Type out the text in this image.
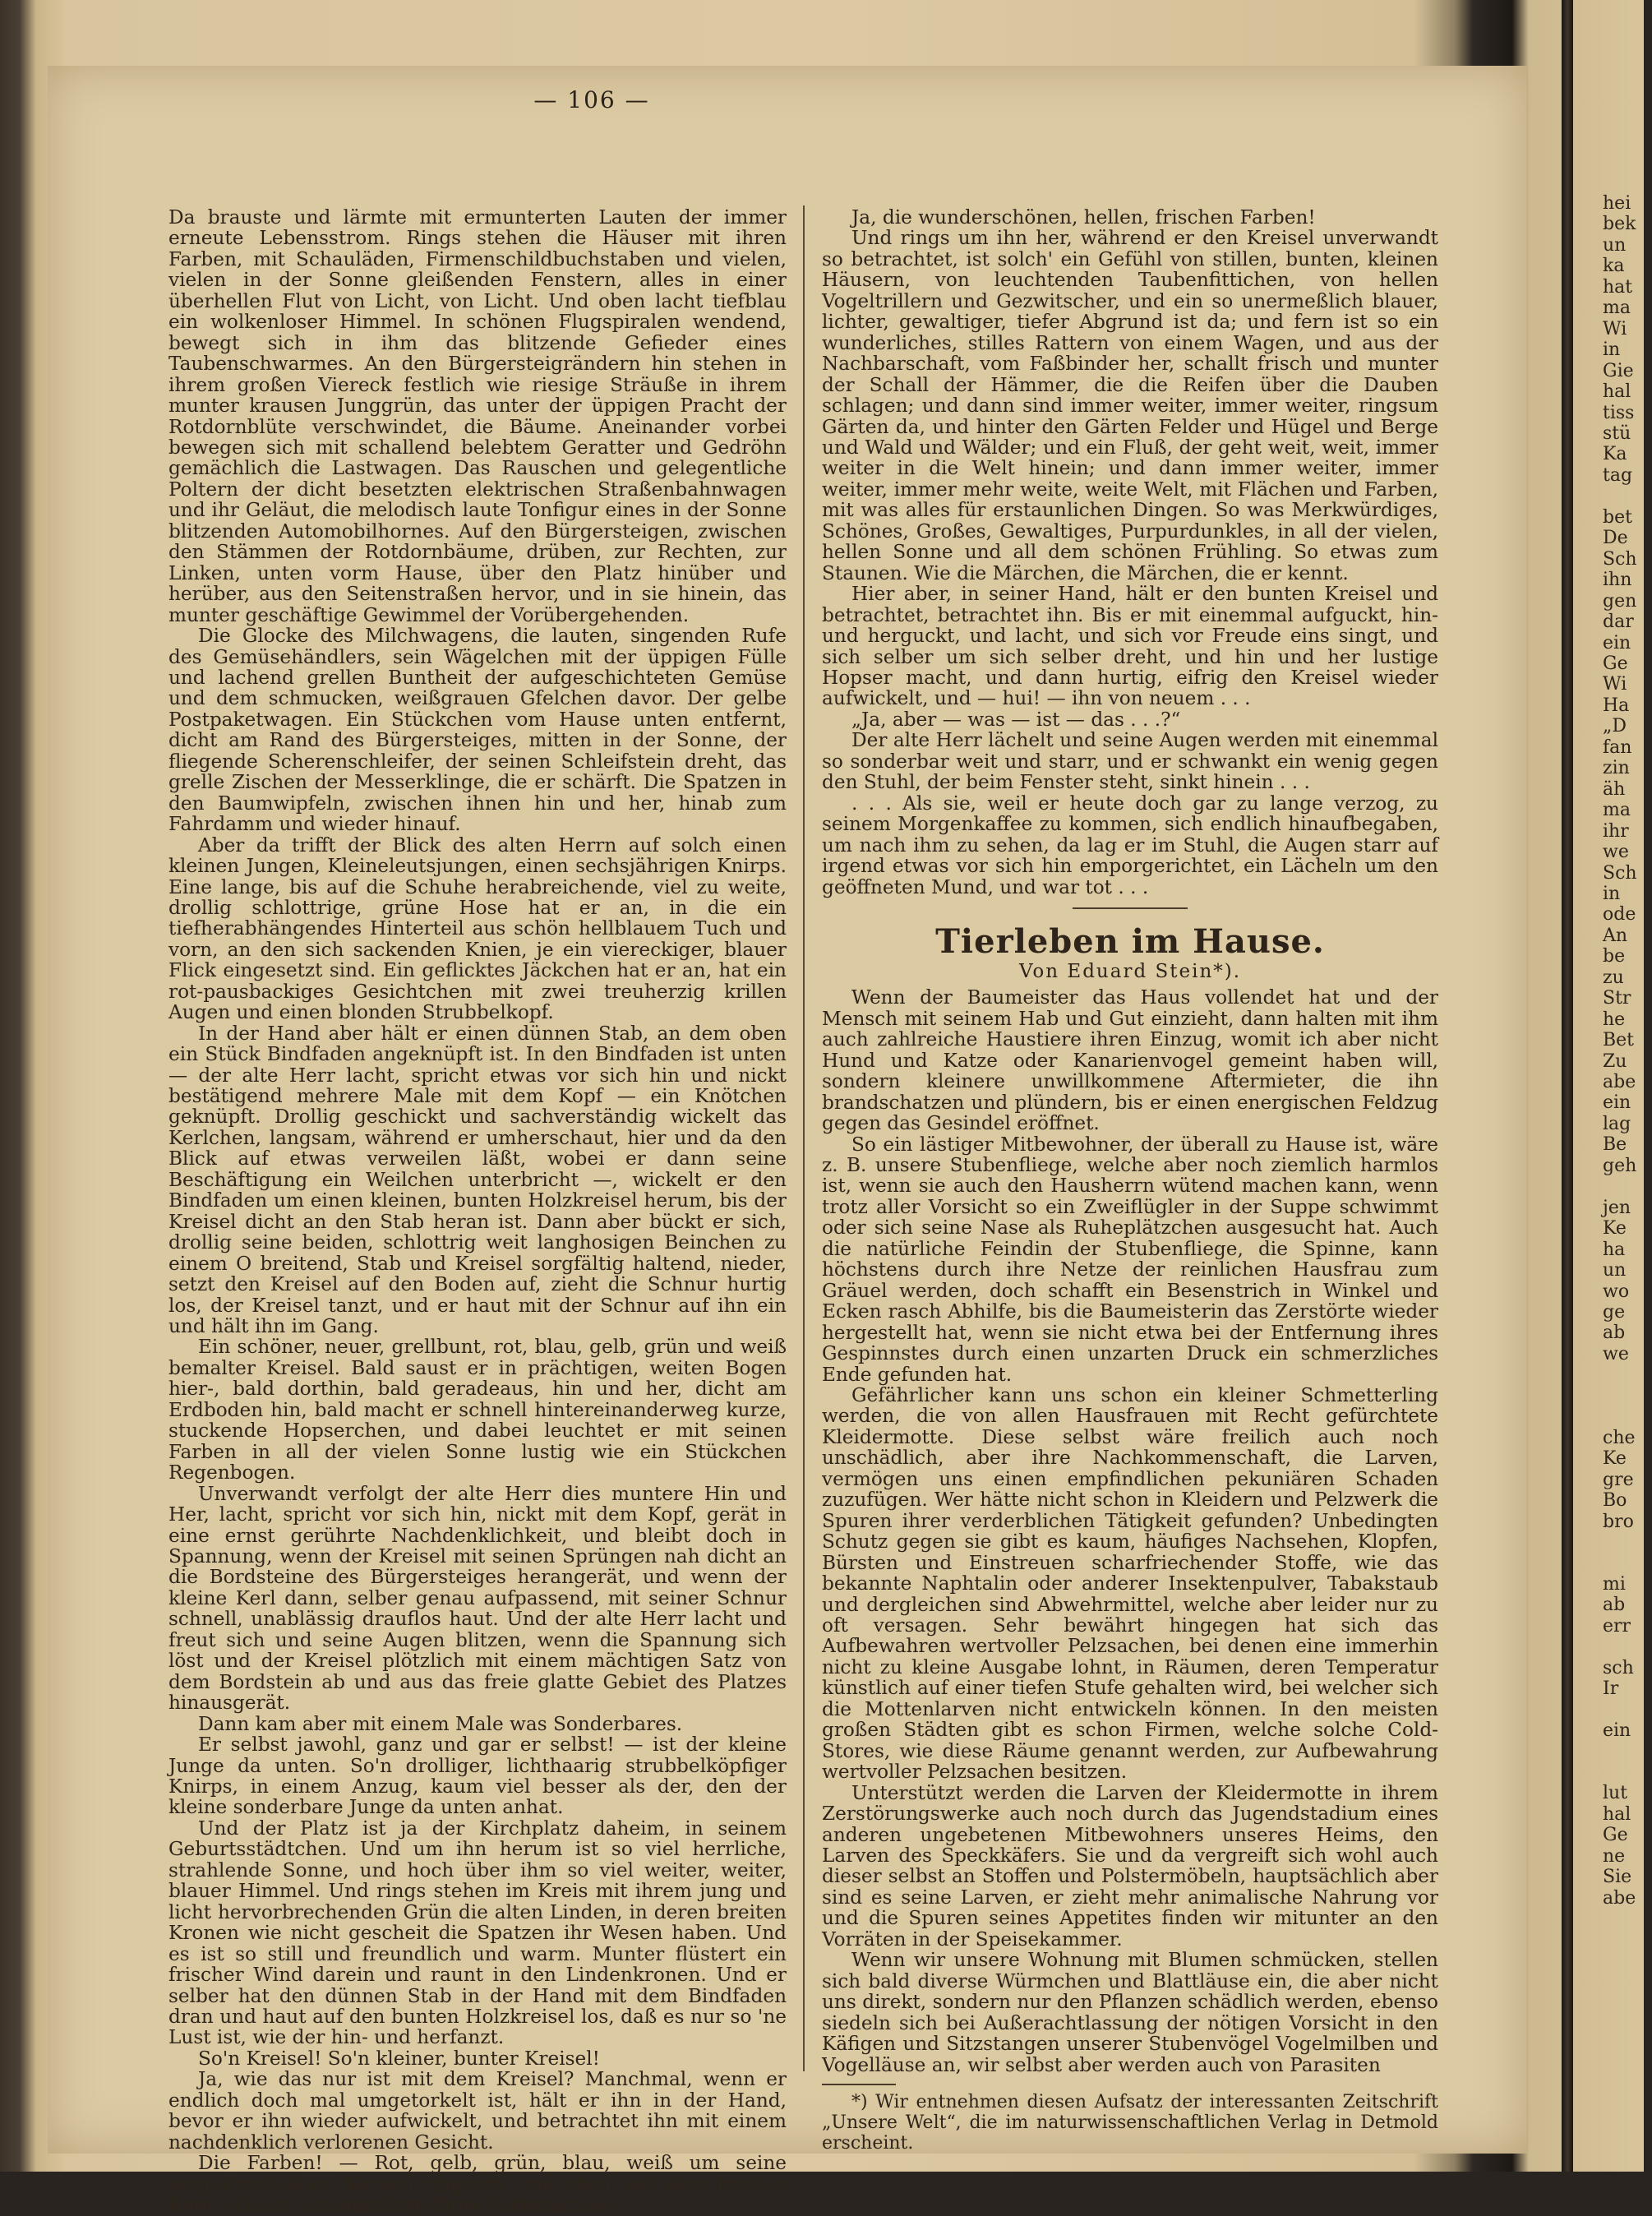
— 106 —

Da brauste und lärmte mit ermunterten Lauten der immer erneute Lebensstrom. Rings stehen die Häuser mit ihren Farben, mit Schauläden, Firmenschildbuchstaben und vielen, vielen in der Sonne gleißenden Fenstern, alles in einer überhellen Flut von Licht, von Licht. Und oben lacht tiefblau ein wolkenloser Himmel. In schönen Flugspiralen wendend, bewegt sich in ihm das blitzende Gefieder eines Taubenschwarmes. An den Bürgersteigrändern hin stehen in ihrem großen Viereck festlich wie riesige Sträuße in ihrem munter krausen Junggrün, das unter der üppigen Pracht der Rotdornblüte verschwindet, die Bäume. Aneinander vorbei bewegen sich mit schallend belebtem Geratter und Gedröhn gemächlich die Lastwagen. Das Rauschen und gelegentliche Poltern der dicht besetzten elektrischen Straßenbahnwagen und ihr Geläut, die melodisch laute Tonfigur eines in der Sonne blitzenden Automobilhornes. Auf den Bürgersteigen, zwischen den Stämmen der Rotdornbäume, drüben, zur Rechten, zur Linken, unten vorm Hause, über den Platz hinüber und herüber, aus den Seitenstraßen hervor, und in sie hinein, das munter geschäftige Gewimmel der Vorübergehenden.

Die Glocke des Milchwagens, die lauten, singenden Rufe des Gemüsehändlers, sein Wägelchen mit der üppigen Fülle und lachend grellen Buntheit der aufgeschichteten Gemüse und dem schmucken, weißgrauen Gfelchen davor. Der gelbe Postpaketwagen. Ein Stückchen vom Hause unten entfernt, dicht am Rand des Bürgersteiges, mitten in der Sonne, der fliegende Scherenschleifer, der seinen Schleifstein dreht, das grelle Zischen der Messerklinge, die er schärft. Die Spatzen in den Baumwipfeln, zwischen ihnen hin und her, hinab zum Fahrdamm und wieder hinauf.

Aber da trifft der Blick des alten Herrn auf solch einen kleinen Jungen, Kleineleutsjungen, einen sechsjährigen Knirps. Eine lange, bis auf die Schuhe herabreichende, viel zu weite, drollig schlottrige, grüne Hose hat er an, in die ein tiefherabhängendes Hinterteil aus schön hellblauem Tuch und vorn, an den sich sackenden Knien, je ein viereckiger, blauer Flick eingesetzt sind. Ein geflicktes Jäckchen hat er an, hat ein rot-pausbackiges Gesichtchen mit zwei treuherzig krillen Augen und einen blonden Strubbelkopf.

In der Hand aber hält er einen dünnen Stab, an dem oben ein Stück Bindfaden angeknüpft ist. In den Bindfaden ist unten — der alte Herr lacht, spricht etwas vor sich hin und nickt bestätigend mehrere Male mit dem Kopf — ein Knötchen geknüpft. Drollig geschickt und sachverständig wickelt das Kerlchen, langsam, während er umherschaut, hier und da den Blick auf etwas verweilen läßt, wobei er dann seine Beschäftigung ein Weilchen unterbricht —, wickelt er den Bindfaden um einen kleinen, bunten Holzkreisel herum, bis der Kreisel dicht an den Stab heran ist. Dann aber bückt er sich, drollig seine beiden, schlottrig weit langhosigen Beinchen zu einem O breitend, Stab und Kreisel sorgfältig haltend, nieder, setzt den Kreisel auf den Boden auf, zieht die Schnur hurtig los, der Kreisel tanzt, und er haut mit der Schnur auf ihn ein und hält ihn im Gang.

Ein schöner, neuer, grellbunt, rot, blau, gelb, grün und weiß bemalter Kreisel. Bald saust er in prächtigen, weiten Bogen hier-, bald dorthin, bald geradeaus, hin und her, dicht am Erdboden hin, bald macht er schnell hintereinanderweg kurze, stuckende Hopserchen, und dabei leuchtet er mit seinen Farben in all der vielen Sonne lustig wie ein Stückchen Regenbogen.

Unverwandt verfolgt der alte Herr dies muntere Hin und Her, lacht, spricht vor sich hin, nickt mit dem Kopf, gerät in eine ernst gerührte Nachdenklichkeit, und bleibt doch in Spannung, wenn der Kreisel mit seinen Sprüngen nah dicht an die Bordsteine des Bürgersteiges herangerät, und wenn der kleine Kerl dann, selber genau aufpassend, mit seiner Schnur schnell, unablässig drauflos haut. Und der alte Herr lacht und freut sich und seine Augen blitzen, wenn die Spannung sich löst und der Kreisel plötzlich mit einem mächtigen Satz von dem Bordstein ab und aus das freie glatte Gebiet des Platzes hinausgerät.

Dann kam aber mit einem Male was Sonderbares.

Er selbst jawohl, ganz und gar er selbst! — ist der kleine Junge da unten. So'n drolliger, lichthaarig strubbelköpfiger Knirps, in einem Anzug, kaum viel besser als der, den der kleine sonderbare Junge da unten anhat.

Und der Platz ist ja der Kirchplatz daheim, in seinem Geburtsstädtchen. Und um ihn herum ist so viel herrliche, strahlende Sonne, und hoch über ihm so viel weiter, weiter, blauer Himmel. Und rings stehen im Kreis mit ihrem jung und licht hervorbrechenden Grün die alten Linden, in deren breiten Kronen wie nicht gescheit die Spatzen ihr Wesen haben. Und es ist so still und freundlich und warm. Munter flüstert ein frischer Wind darein und raunt in den Lindenkronen. Und er selber hat den dünnen Stab in der Hand mit dem Bindfaden dran und haut auf den bunten Holzkreisel los, daß es nur so 'ne Lust ist, wie der hin- und herfanzt.

So'n Kreisel! So'n kleiner, bunter Kreisel!

Ja, wie das nur ist mit dem Kreisel? Manchmal, wenn er endlich doch mal umgetorkelt ist, hält er ihn in der Hand, bevor er ihn wieder aufwickelt, und betrachtet ihn mit einem nachdenklich verlorenen Gesicht.

Die Farben! — Rot, gelb, grün, blau, weiß um seine eingedrechselten Kurven ringsum; und oben, auf dem breiten Kopf, schöne, ineinandergefügte Farbenkreise.

Ja, die wunderschönen, hellen, frischen Farben!

Und rings um ihn her, während er den Kreisel unverwandt so betrachtet, ist solch' ein Gefühl von stillen, bunten, kleinen Häusern, von leuchtenden Taubenfittichen, von hellen Vogeltrillern und Gezwitscher, und ein so unermeßlich blauer, lichter, gewaltiger, tiefer Abgrund ist da; und fern ist so ein wunderliches, stilles Rattern von einem Wagen, und aus der Nachbarschaft, vom Faßbinder her, schallt frisch und munter der Schall der Hämmer, die die Reifen über die Dauben schlagen; und dann sind immer weiter, immer weiter, ringsum Gärten da, und hinter den Gärten Felder und Hügel und Berge und Wald und Wälder; und ein Fluß, der geht weit, weit, immer weiter in die Welt hinein; und dann immer weiter, immer weiter, immer mehr weite, weite Welt, mit Flächen und Farben, mit was alles für erstaunlichen Dingen. So was Merkwürdiges, Schönes, Großes, Gewaltiges, Purpurdunkles, in all der vielen, hellen Sonne und all dem schönen Frühling. So etwas zum Staunen. Wie die Märchen, die Märchen, die er kennt.

Hier aber, in seiner Hand, hält er den bunten Kreisel und betrachtet, betrachtet ihn. Bis er mit einemmal aufguckt, hin- und herguckt, und lacht, und sich vor Freude eins singt, und sich selber um sich selber dreht, und hin und her lustige Hopser macht, und dann hurtig, eifrig den Kreisel wieder aufwickelt, und — hui! — ihn von neuem . . .

„Ja, aber — was — ist — das . . .?“

Der alte Herr lächelt und seine Augen werden mit einemmal so sonderbar weit und starr, und er schwankt ein wenig gegen den Stuhl, der beim Fenster steht, sinkt hinein . . .

. . . Als sie, weil er heute doch gar zu lange verzog, zu seinem Morgenkaffee zu kommen, sich endlich hinaufbegaben, um nach ihm zu sehen, da lag er im Stuhl, die Augen starr auf irgend etwas vor sich hin emporgerichtet, ein Lächeln um den geöffneten Mund, und war tot . . .

Tierleben im Hause.
Von Eduard Stein*).

Wenn der Baumeister das Haus vollendet hat und der Mensch mit seinem Hab und Gut einzieht, dann halten mit ihm auch zahlreiche Haustiere ihren Einzug, womit ich aber nicht Hund und Katze oder Kanarienvogel gemeint haben will, sondern kleinere unwillkommene Aftermieter, die ihn brandschatzen und plündern, bis er einen energischen Feldzug gegen das Gesindel eröffnet.

So ein lästiger Mitbewohner, der überall zu Hause ist, wäre z. B. unsere Stubenfliege, welche aber noch ziemlich harmlos ist, wenn sie auch den Hausherrn wütend machen kann, wenn trotz aller Vorsicht so ein Zweiflügler in der Suppe schwimmt oder sich seine Nase als Ruheplätzchen ausgesucht hat. Auch die natürliche Feindin der Stubenfliege, die Spinne, kann höchstens durch ihre Netze der reinlichen Hausfrau zum Gräuel werden, doch schafft ein Besenstrich in Winkel und Ecken rasch Abhilfe, bis die Baumeisterin das Zerstörte wieder hergestellt hat, wenn sie nicht etwa bei der Entfernung ihres Gespinnstes durch einen unzarten Druck ein schmerzliches Ende gefunden hat.

Gefährlicher kann uns schon ein kleiner Schmetterling werden, die von allen Hausfrauen mit Recht gefürchtete Kleidermotte. Diese selbst wäre freilich auch noch unschädlich, aber ihre Nachkommenschaft, die Larven, vermögen uns einen empfindlichen pekuniären Schaden zuzufügen. Wer hätte nicht schon in Kleidern und Pelzwerk die Spuren ihrer verderblichen Tätigkeit gefunden? Unbedingten Schutz gegen sie gibt es kaum, häufiges Nachsehen, Klopfen, Bürsten und Einstreuen scharfriechender Stoffe, wie das bekannte Naphtalin oder anderer Insektenpulver, Tabakstaub und dergleichen sind Abwehrmittel, welche aber leider nur zu oft versagen. Sehr bewährt hingegen hat sich das Aufbewahren wertvoller Pelzsachen, bei denen eine immerhin nicht zu kleine Ausgabe lohnt, in Räumen, deren Temperatur künstlich auf einer tiefen Stufe gehalten wird, bei welcher sich die Mottenlarven nicht entwickeln können. In den meisten großen Städten gibt es schon Firmen, welche solche Cold-Stores, wie diese Räume genannt werden, zur Aufbewahrung wertvoller Pelzsachen besitzen.

Unterstützt werden die Larven der Kleidermotte in ihrem Zerstörungswerke auch noch durch das Jugendstadium eines anderen ungebetenen Mitbewohners unseres Heims, den Larven des Speckkäfers. Sie und da vergreift sich wohl auch dieser selbst an Stoffen und Polstermöbeln, hauptsächlich aber sind es seine Larven, er zieht mehr animalische Nahrung vor und die Spuren seines Appetites finden wir mitunter an den Vorräten in der Speisekammer.

Wenn wir unsere Wohnung mit Blumen schmücken, stellen sich bald diverse Würmchen und Blattläuse ein, die aber nicht uns direkt, sondern nur den Pflanzen schädlich werden, ebenso siedeln sich bei Außerachtlassung der nötigen Vorsicht in den Käfigen und Sitzstangen unserer Stubenvögel Vogelmilben und Vogelläuse an, wir selbst aber werden auch von Parasiten

*) Wir entnehmen diesen Aufsatz der interessanten Zeitschrift „Unsere Welt“, die im naturwissenschaftlichen Verlag in Detmold erscheint.

hei
bek
un
ka
hat
ma
Wi
in
Gie
hal
tiss
stü
Ka
tag

bet
De
Sch
ihn
gen
dar
ein
Ge
Wi
Ha
„D
fan
zin
äh
ma
ihr
we
Sch
in
ode
An
be
zu
Str
he
Bet
Zu
abe
ein
lag
Be
geh

jen
Ke
ha
un
wo
ge
ab
we

che
Ke
gre
Bo
bro

mi
ab
err

sch
Ir

ein

lut
hal
Ge
ne
Sie
abe
